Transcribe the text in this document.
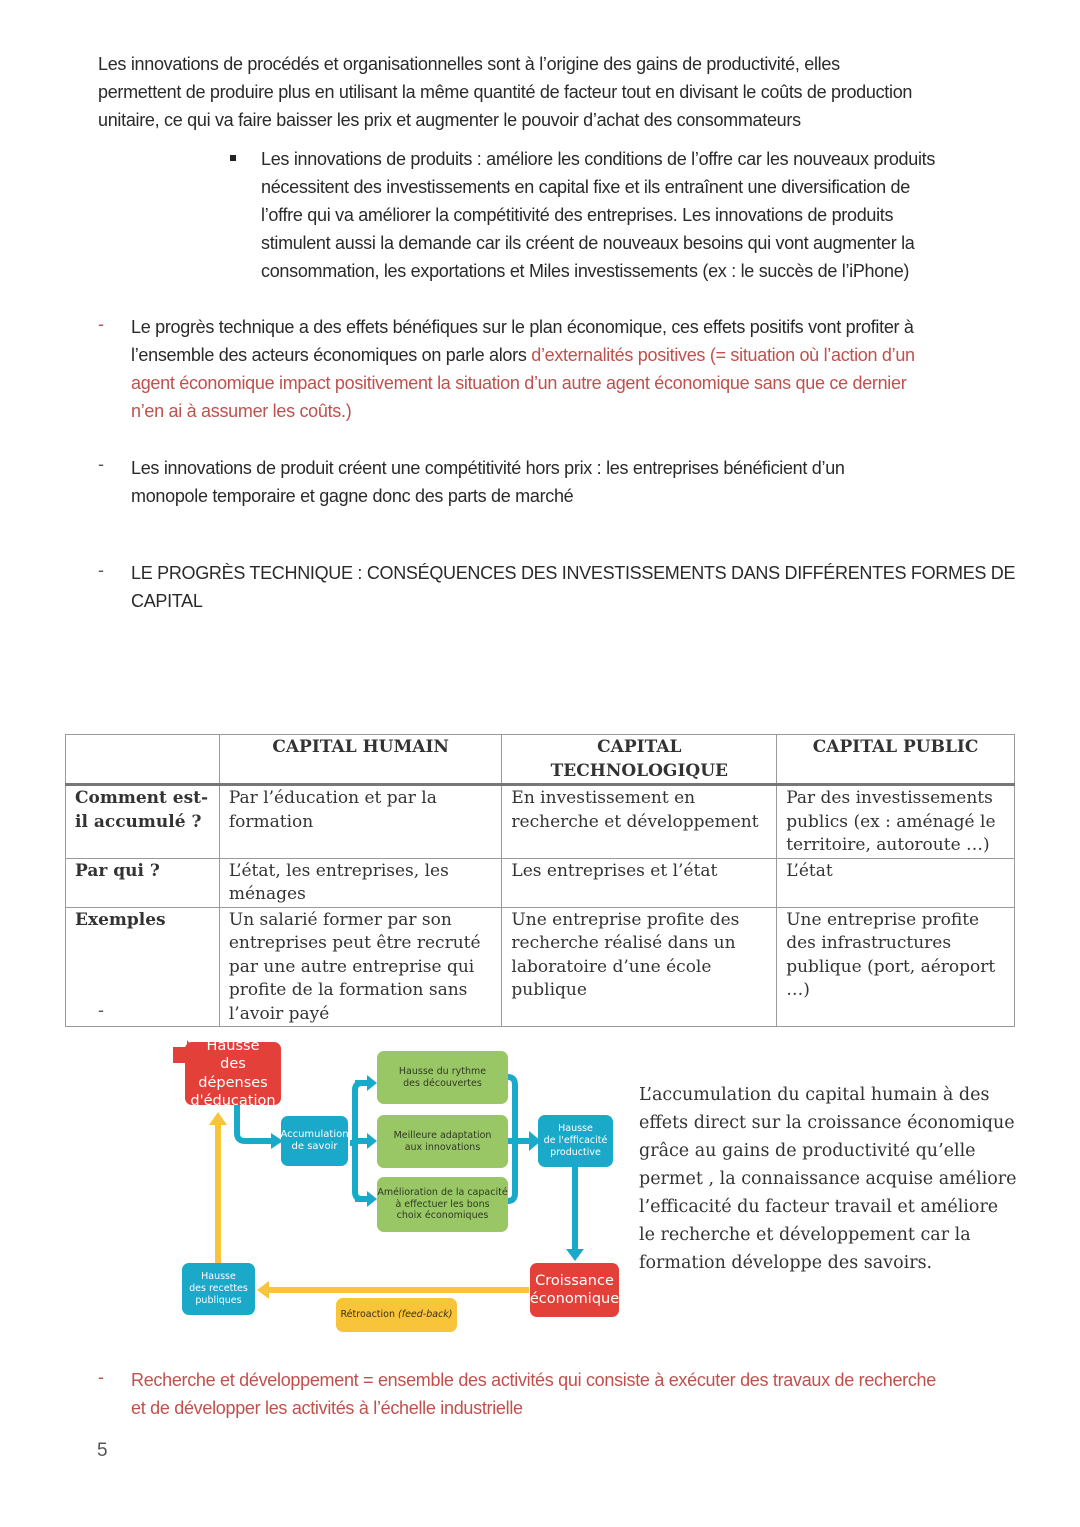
Les innovations de procédés et organisationnelles sont à l’origine des gains de productivité, elles
permettent de produire plus en utilisant la même quantité de facteur tout en divisant le coûts de production
unitaire, ce qui va faire baisser les prix et augmenter le pouvoir d’achat des consommateurs
Les innovations de produits : améliore les conditions de l’offre car les nouveaux produits
nécessitent des investissements en capital fixe et ils entraînent une diversification de
l’offre qui va améliorer la compétitivité des entreprises. Les innovations de produits
stimulent aussi la demande car ils créent de nouveaux besoins qui vont augmenter la
consommation, les exportations et Miles investissements (ex : le succès de l’iPhone)
- Le progrès technique a des effets bénéfiques sur le plan économique, ces effets positifs vont profiter à
l’ensemble des acteurs économiques on parle alors d’externalités positives (= situation où l’action d’un
agent économique impact positivement la situation d’un autre agent économique sans que ce dernier
n’en ai à assumer les coûts.)
- Les innovations de produit créent une compétitivité hors prix : les entreprises bénéficient d’un
monopole temporaire et gagne donc des parts de marché
- LE PROGRÈS TECHNIQUE : CONSÉQUENCES DES INVESTISSEMENTS DANS DIFFÉRENTES FORMES DE
CAPITAL
	CAPITAL HUMAIN	CAPITAL TECHNOLOGIQUE	CAPITAL PUBLIC
Comment est-
il accumulé ?	Par l’éducation et par la formation	En investissement en recherche et développement	Par des investissements publics (ex : aménagé le territoire, autoroute …)
Par qui ?	L’état, les entreprises, les ménages	Les entreprises et l’état	L’état
Exemples	Un salarié former par son entreprises peut être recruté par une autre entreprise qui profite de la formation sans l’avoir payé	Une entreprise profite des recherche réalisé dans un laboratoire d’une école publique	Une entreprise profite des infrastructures publique (port, aéroport …)
-
Hausse
des dépenses
d'éducation
Accumulation
de savoir
Hausse du rythme
des découvertes
Meilleure adaptation
aux innovations
Amélioration de la capacité
à effectuer les bons
choix économiques
Hausse
de l'efficacité
productive
Croissance
économique
Hausse
des recettes
publiques
Rétroaction (feed-back)
L’accumulation du capital humain à des effets direct sur la croissance économique grâce au gains de productivité qu’elle permet , la connaissance acquise améliore l’efficacité du facteur travail et améliore le recherche et développement car la formation développe des savoirs.
- Recherche et développement = ensemble des activités qui consiste à exécuter des travaux de recherche
et de développer les activités à l’échelle industrielle
5
